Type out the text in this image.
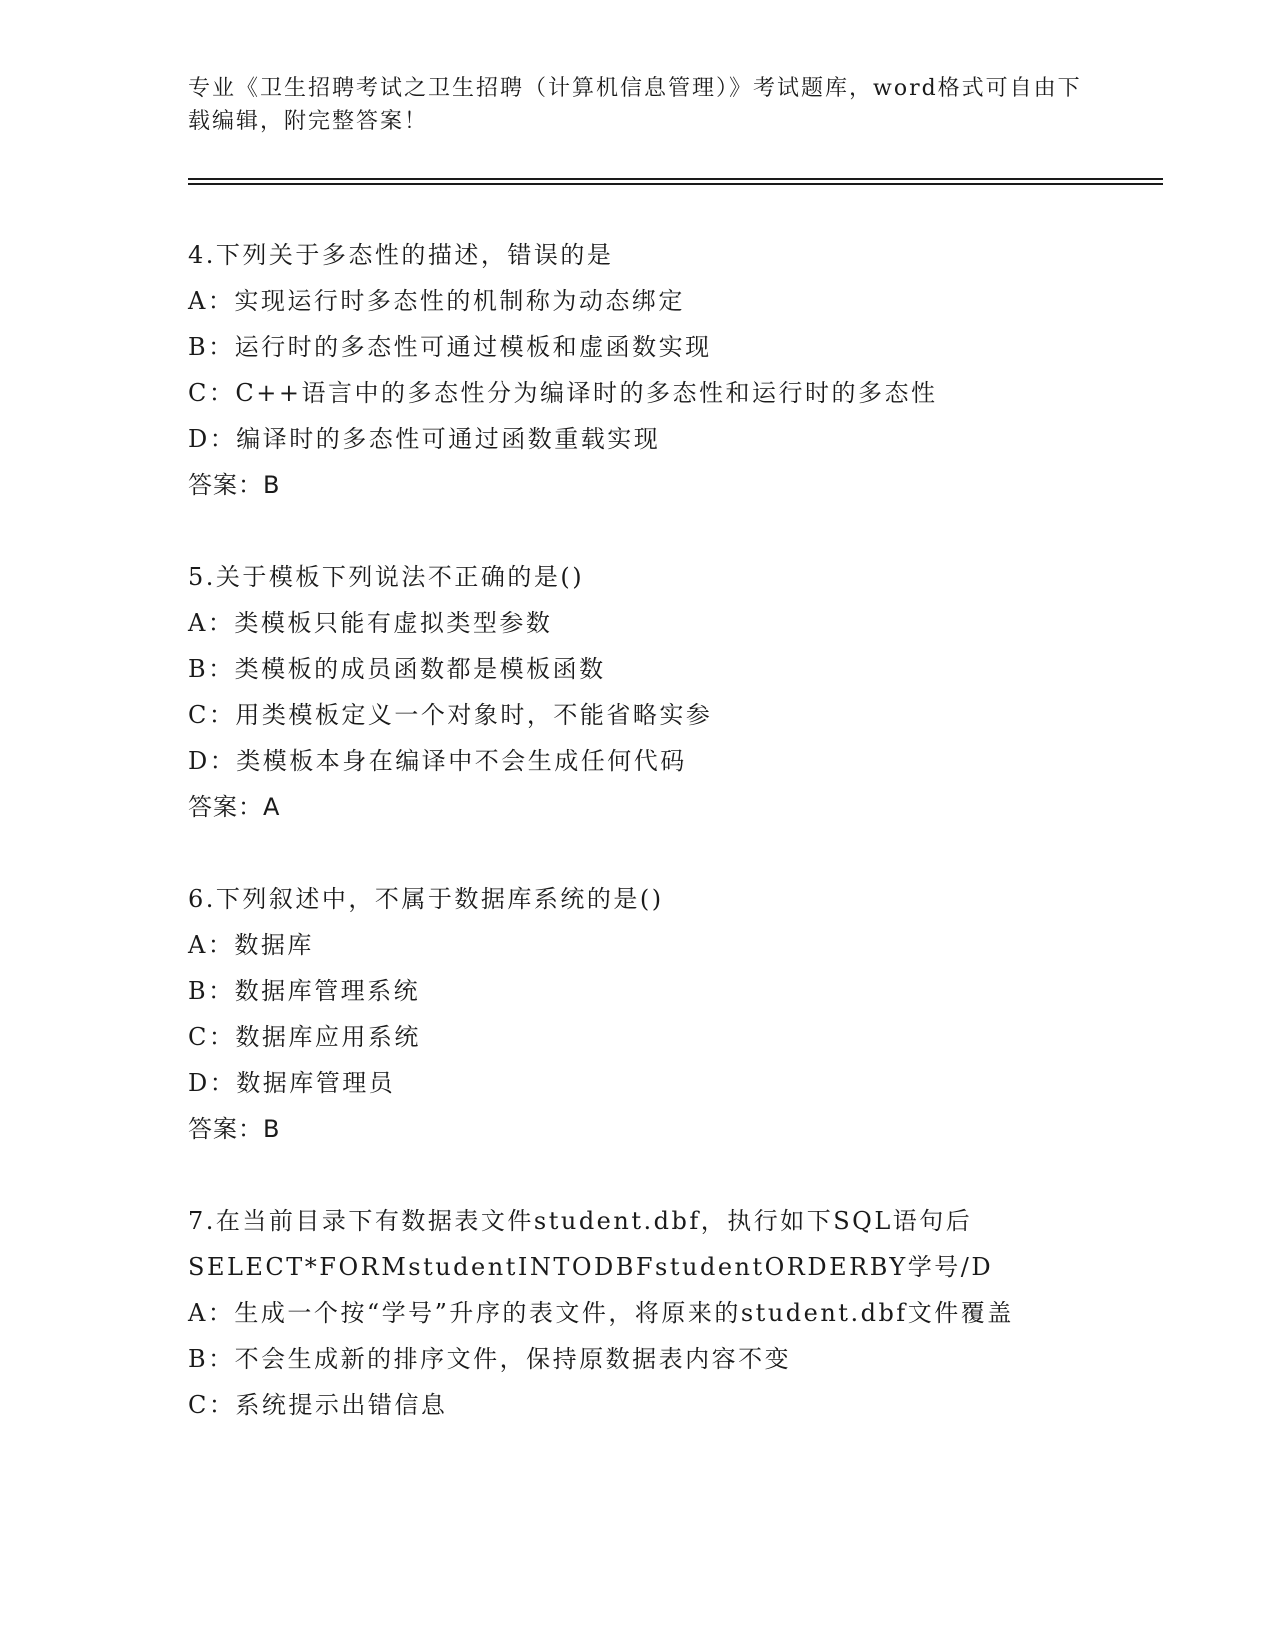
专业《卫生招聘考试之卫生招聘（计算机信息管理）》考试题库，word格式可自由下载编辑，附完整答案！
4.下列关于多态性的描述，错误的是
A：实现运行时多态性的机制称为动态绑定
B：运行时的多态性可通过模板和虚函数实现
C：C++语言中的多态性分为编译时的多态性和运行时的多态性
D：编译时的多态性可通过函数重载实现
答案：B
5.关于模板下列说法不正确的是()
A：类模板只能有虚拟类型参数
B：类模板的成员函数都是模板函数
C：用类模板定义一个对象时，不能省略实参
D：类模板本身在编译中不会生成任何代码
答案：A
6.下列叙述中，不属于数据库系统的是()
A：数据库
B：数据库管理系统
C：数据库应用系统
D：数据库管理员
答案：B
7.在当前目录下有数据表文件student.dbf，执行如下SQL语句后
SELECT*FORMstudentINTODBFstudentORDERBY学号/D
A：生成一个按“学号”升序的表文件，将原来的student.dbf文件覆盖
B：不会生成新的排序文件，保持原数据表内容不变
C：系统提示出错信息
